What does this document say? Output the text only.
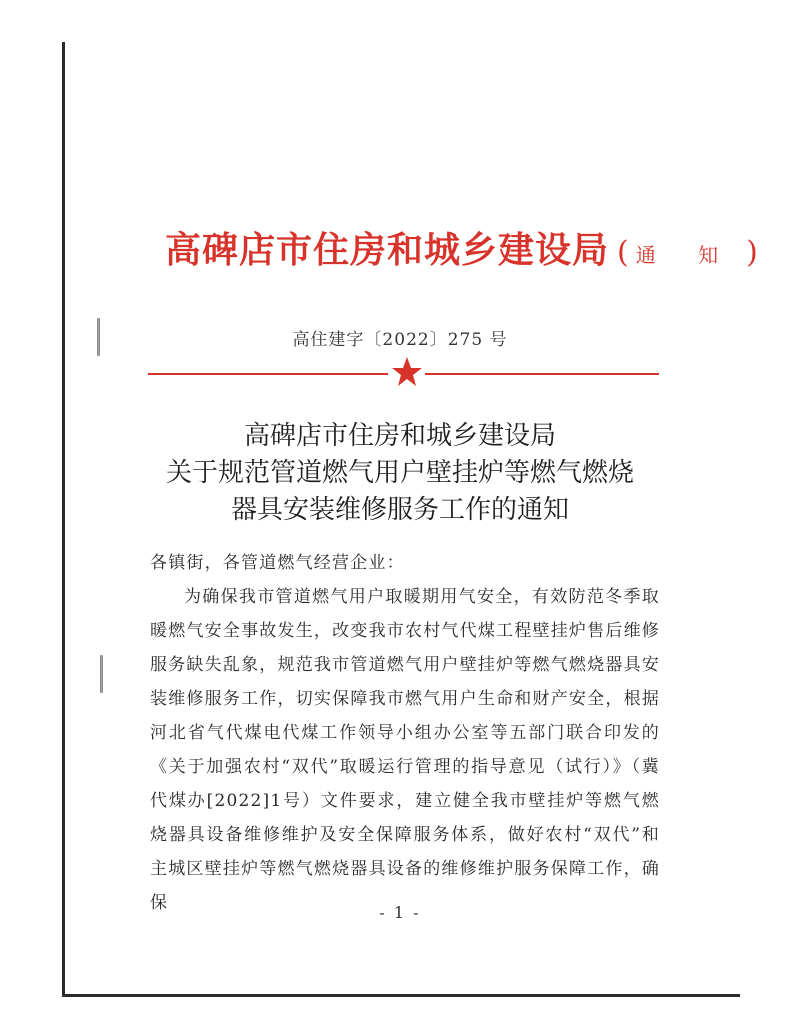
高碑店市住房和城乡建设局 ( 通 知 )
高住建字〔2022〕275 号
高碑店市住房和城乡建设局
关于规范管道燃气用户壁挂炉等燃气燃烧
器具安装维修服务工作的通知

各镇街，各管道燃气经营企业：

为确保我市管道燃气用户取暖期用气安全，有效防范冬季取暖燃气安全事故发生，改变我市农村气代煤工程壁挂炉售后维修服务缺失乱象，规范我市管道燃气用户壁挂炉等燃气燃烧器具安装维修服务工作，切实保障我市燃气用户生命和财产安全，根据河北省气代煤电代煤工作领导小组办公室等五部门联合印发的《关于加强农村“双代”取暖运行管理的指导意见（试行）》（冀代煤办[2022]1号）文件要求，建立健全我市壁挂炉等燃气燃烧器具设备维修维护及安全保障服务体系，做好农村“双代”和主城区壁挂炉等燃气燃烧器具设备的维修维护服务保障工作，确保	- 1 -
